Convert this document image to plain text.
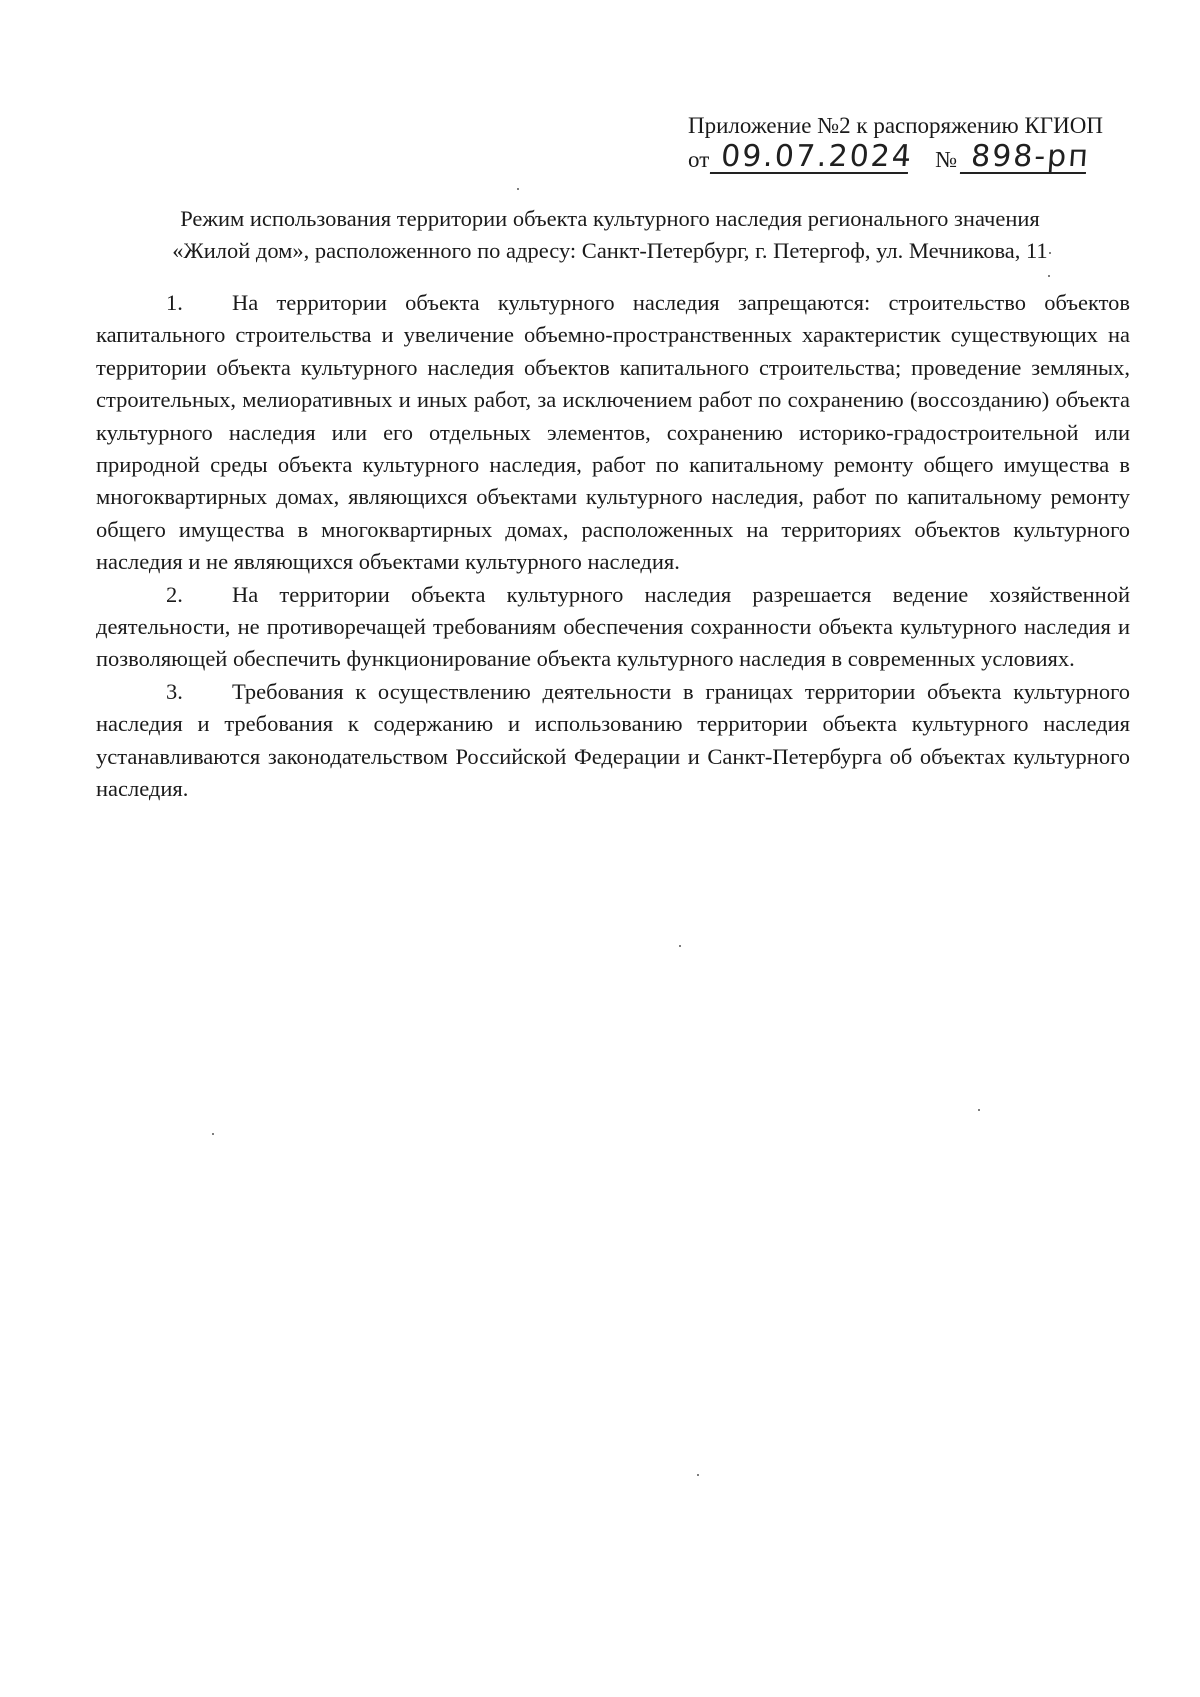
Приложение №2 к распоряжению КГИОП
от 09.07.2024 № 898-рп

Режим использования территории объекта культурного наследия регионального значения

«Жилой дом», расположенного по адресу: Санкт-Петербург, г. Петергоф, ул. Мечникова, 11

1. На территории объекта культурного наследия запрещаются: строительство объектов капитального строительства и увеличение объемно-пространственных характеристик существующих на территории объекта культурного наследия объектов капитального строительства; проведение земляных, строительных, мелиоративных и иных работ, за исключением работ по сохранению (воссозданию) объекта культурного наследия или его отдельных элементов, сохранению историко-градостроительной или природной среды объекта культурного наследия, работ по капитальному ремонту общего имущества в многоквартирных домах, являющихся объектами культурного наследия, работ по капитальному ремонту общего имущества в многоквартирных домах, расположенных на территориях объектов культурного наследия и не являющихся объектами культурного наследия.

2. На территории объекта культурного наследия разрешается ведение хозяйственной деятельности, не противоречащей требованиям обеспечения сохранности объекта культурного наследия и позволяющей обеспечить функционирование объекта культурного наследия в современных условиях.

3. Требования к осуществлению деятельности в границах территории объекта культурного наследия и требования к содержанию и использованию территории объекта культурного наследия устанавливаются законодательством Российской Федерации и Санкт-Петербурга об объектах культурного наследия.
